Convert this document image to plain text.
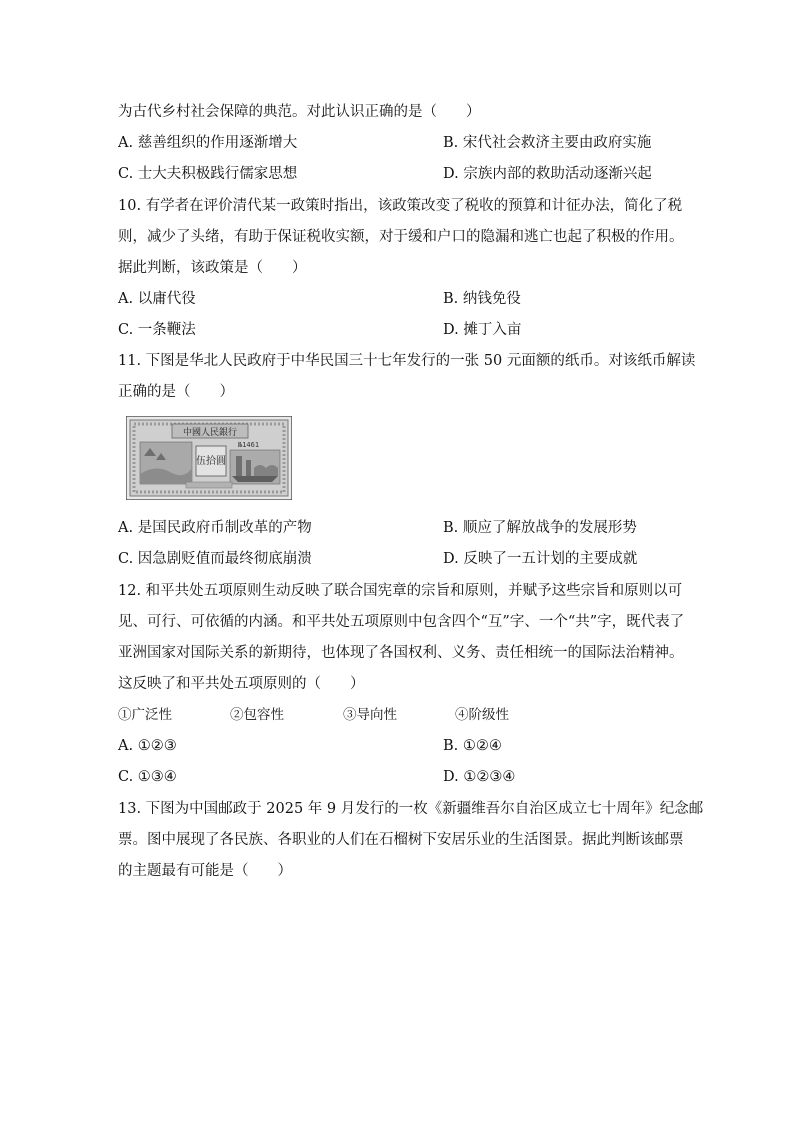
为古代乡村社会保障的典范。对此认识正确的是（　　）
A. 慈善组织的作用逐渐增大	B. 宋代社会救济主要由政府实施
C. 士大夫积极践行儒家思想	D. 宗族内部的救助活动逐渐兴起
10. 有学者在评价清代某一政策时指出，该政策改变了税收的预算和计征办法，简化了税
则，减少了头绪，有助于保证税收实额，对于缓和户口的隐漏和逃亡也起了积极的作用。
据此判断，该政策是（　　）
A. 以庸代役	B. 纳钱免役
C. 一条鞭法	D. 摊丁入亩
11. 下图是华北人民政府于中华民国三十七年发行的一张 50 元面额的纸币。对该纸币解读
正确的是（　　）
中國人民銀行
№1461
伍拾圓
A. 是国民政府币制改革的产物	B. 顺应了解放战争的发展形势
C. 因急剧贬值而最终彻底崩溃	D. 反映了一五计划的主要成就
12. 和平共处五项原则生动反映了联合国宪章的宗旨和原则，并赋予这些宗旨和原则以可
见、可行、可依循的内涵。和平共处五项原则中包含四个“互”字、一个“共”字，既代表了
亚洲国家对国际关系的新期待，也体现了各国权利、义务、责任相统一的国际法治精神。
这反映了和平共处五项原则的（　　）
①广泛性	②包容性	③导向性	④阶级性
A. ①②③	B. ①②④
C. ①③④	D. ①②③④
13. 下图为中国邮政于 2025 年 9 月发行的一枚《新疆维吾尔自治区成立七十周年》纪念邮
票。图中展现了各民族、各职业的人们在石榴树下安居乐业的生活图景。据此判断该邮票
的主题最有可能是（　　）
